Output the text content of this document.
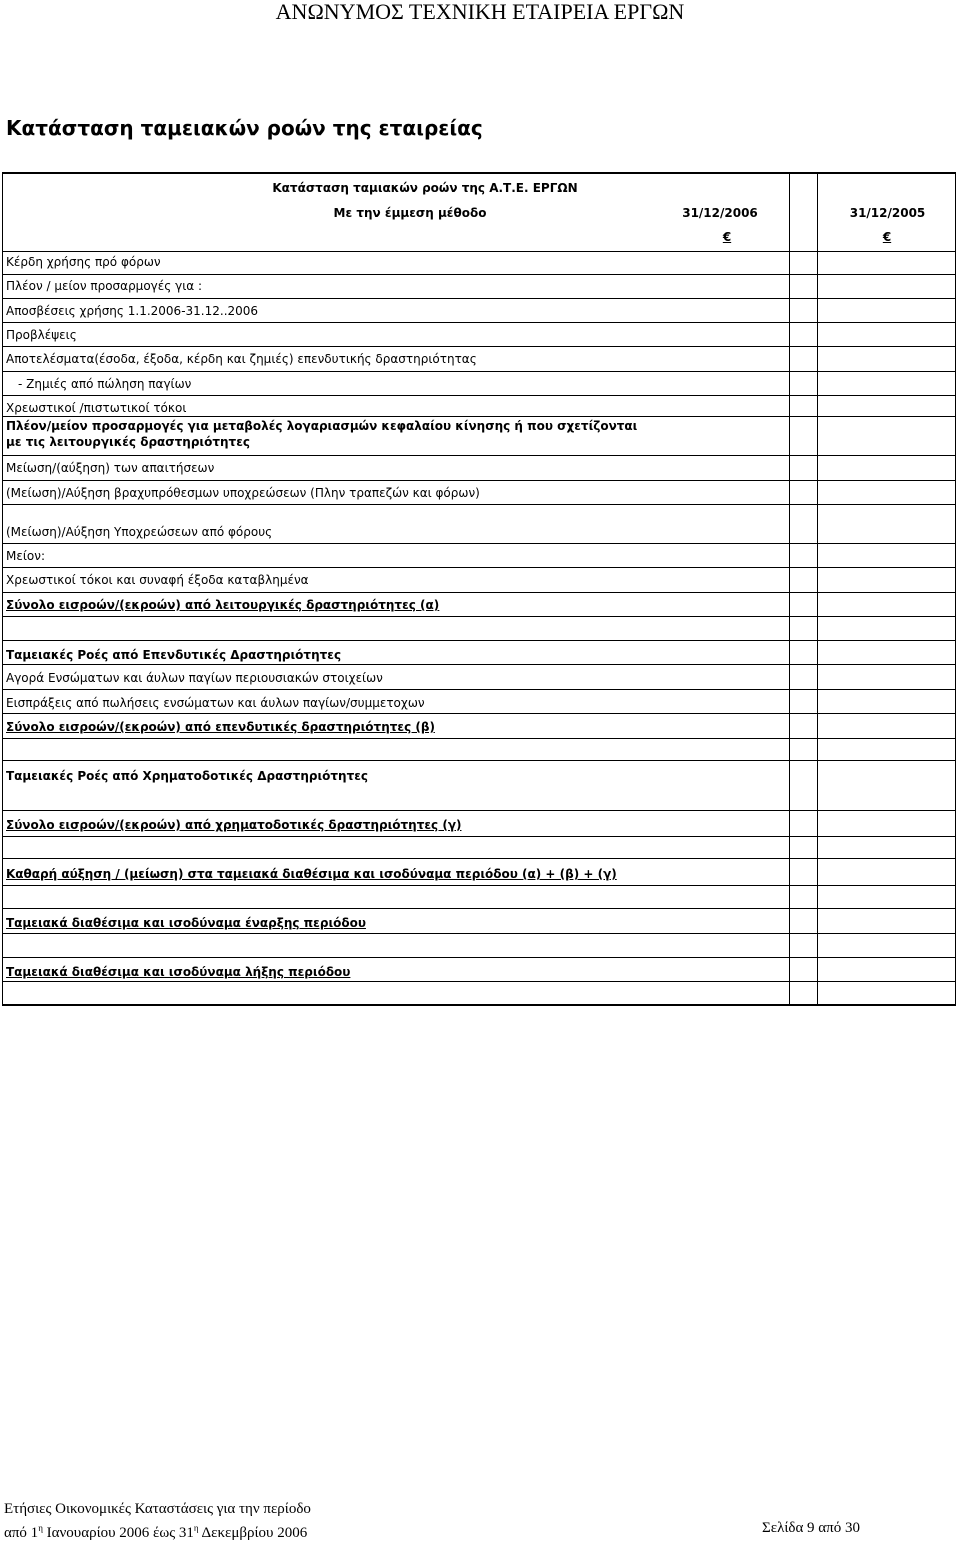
ΑΝΩΝΥΜΟΣ ΤΕΧΝΙΚΗ ΕΤΑΙΡΕΙΑ ΕΡΓΩΝ
Κατάσταση ταμειακών ροών της εταιρείας
Κατάσταση ταμιακών ροών της Α.Τ.Ε. ΕΡΓΩΝ
Με την έμμεση μέθοδο	31/12/2006	31/12/2005
€	€
Κέρδη χρήσης πρό φόρων
Πλέον / μείον προσαρμογές για :
Αποσβέσεις χρήσης 1.1.2006-31.12..2006
Προβλέψεις
Αποτελέσματα(έσοδα, έξοδα, κέρδη και ζημιές) επενδυτικής δραστηριότητας
- Ζημιές από πώληση παγίων
Χρεωστικοί /πιστωτικοί τόκοι
Πλέον/μείον προσαρμογές για μεταβολές λογαριασμών κεφαλαίου κίνησης ή που σχετίζονται με τις λειτουργικές δραστηριότητες
Μείωση/(αύξηση) των απαιτήσεων
(Μείωση)/Αύξηση βραχυπρόθεσμων υποχρεώσεων (Πλην τραπεζών και φόρων)
(Μείωση)/Αύξηση Υποχρεώσεων από φόρους
Μείον:
Χρεωστικοί τόκοι και συναφή έξοδα καταβλημένα
Σύνολο εισροών/(εκροών) από λειτουργικές δραστηριότητες (α)
Ταμειακές Ροές από Επενδυτικές Δραστηριότητες
Αγορά Ενσώματων και άυλων παγίων περιουσιακών στοιχείων
Εισπράξεις από πωλήσεις ενσώματων και άυλων παγίων/συμμετοχων
Σύνολο εισροών/(εκροών) από επενδυτικές δραστηριότητες (β)
Ταμειακές Ροές από Χρηματοδοτικές Δραστηριότητες
Σύνολο εισροών/(εκροών) από χρηματοδοτικές δραστηριότητες (γ)
Καθαρή αύξηση / (μείωση) στα ταμειακά διαθέσιμα και ισοδύναμα περιόδου (α) + (β) + (γ)
Ταμειακά διαθέσιμα και ισοδύναμα έναρξης περιόδου
Ταμειακά διαθέσιμα και ισοδύναμα λήξης περιόδου
Ετήσιες Οικονομικές Καταστάσεις για την περίοδο
από $1^\eta$ Ιανουαρίου 2006 έως $31^\eta$ Δεκεμβρίου 2006	Σελίδα 9 από 30
